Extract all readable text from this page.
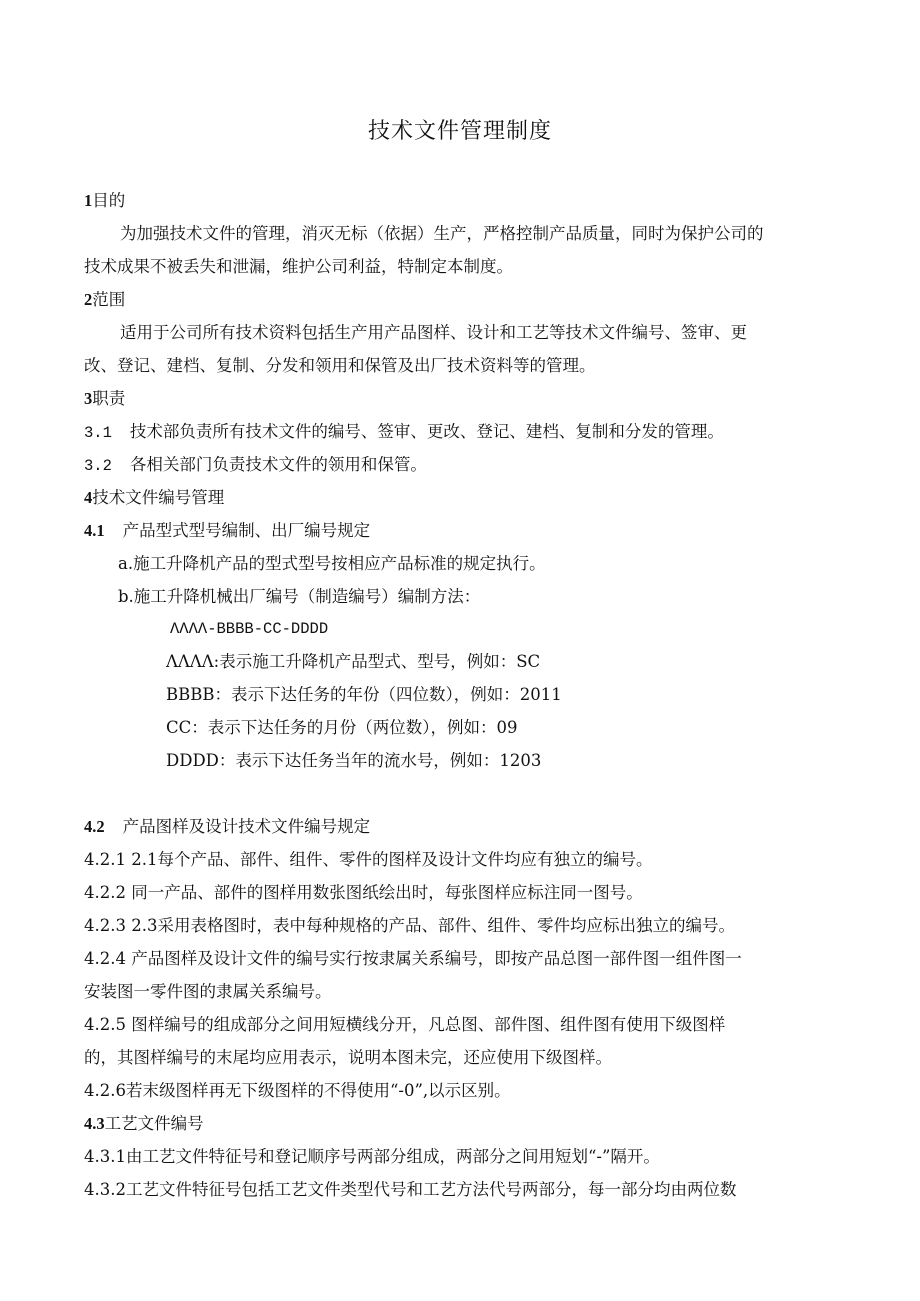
技术文件管理制度
1目的
为加强技术文件的管理，消灭无标（依据）生产，严格控制产品质量，同时为保护公司的
技术成果不被丢失和泄漏，维护公司利益，特制定本制度。
2范围
适用于公司所有技术资料包括生产用产品图样、设计和工艺等技术文件编号、签审、更
改、登记、建档、复制、分发和领用和保管及出厂技术资料等的管理。
3职责
3.1 技术部负责所有技术文件的编号、签审、更改、登记、建档、复制和分发的管理。
3.2 各相关部门负责技术文件的领用和保管。
4技术文件编号管理
4.1 产品型式型号编制、出厂编号规定
a.施工升降机产品的型式型号按相应产品标准的规定执行。
b.施工升降机械出厂编号（制造编号）编制方法：
ΛΛΛΛ-BBBB-CC-DDDD
ΛΛΛΛ:表示施工升降机产品型式、型号，例如：SC
BBBB：表示下达任务的年份（四位数），例如：2011
CC：表示下达任务的月份（两位数），例如：09
DDDD：表示下达任务当年的流水号，例如：1203
4.2 产品图样及设计技术文件编号规定
4.2.1 2.1每个产品、部件、组件、零件的图样及设计文件均应有独立的编号。
4.2.2 同一产品、部件的图样用数张图纸绘出时，每张图样应标注同一图号。
4.2.3 2.3采用表格图时，表中每种规格的产品、部件、组件、零件均应标出独立的编号。
4.2.4 产品图样及设计文件的编号实行按隶属关系编号，即按产品总图一部件图一组件图一
安装图一零件图的隶属关系编号。
4.2.5 图样编号的组成部分之间用短横线分开，凡总图、部件图、组件图有使用下级图样
的，其图样编号的末尾均应用表示，说明本图未完，还应使用下级图样。
4.2.6若末级图样再无下级图样的不得使用“-0”,以示区别。
4.3工艺文件编号
4.3.1由工艺文件特征号和登记顺序号两部分组成，两部分之间用短划“-”隔开。
4.3.2工艺文件特征号包括工艺文件类型代号和工艺方法代号两部分，每一部分均由两位数
